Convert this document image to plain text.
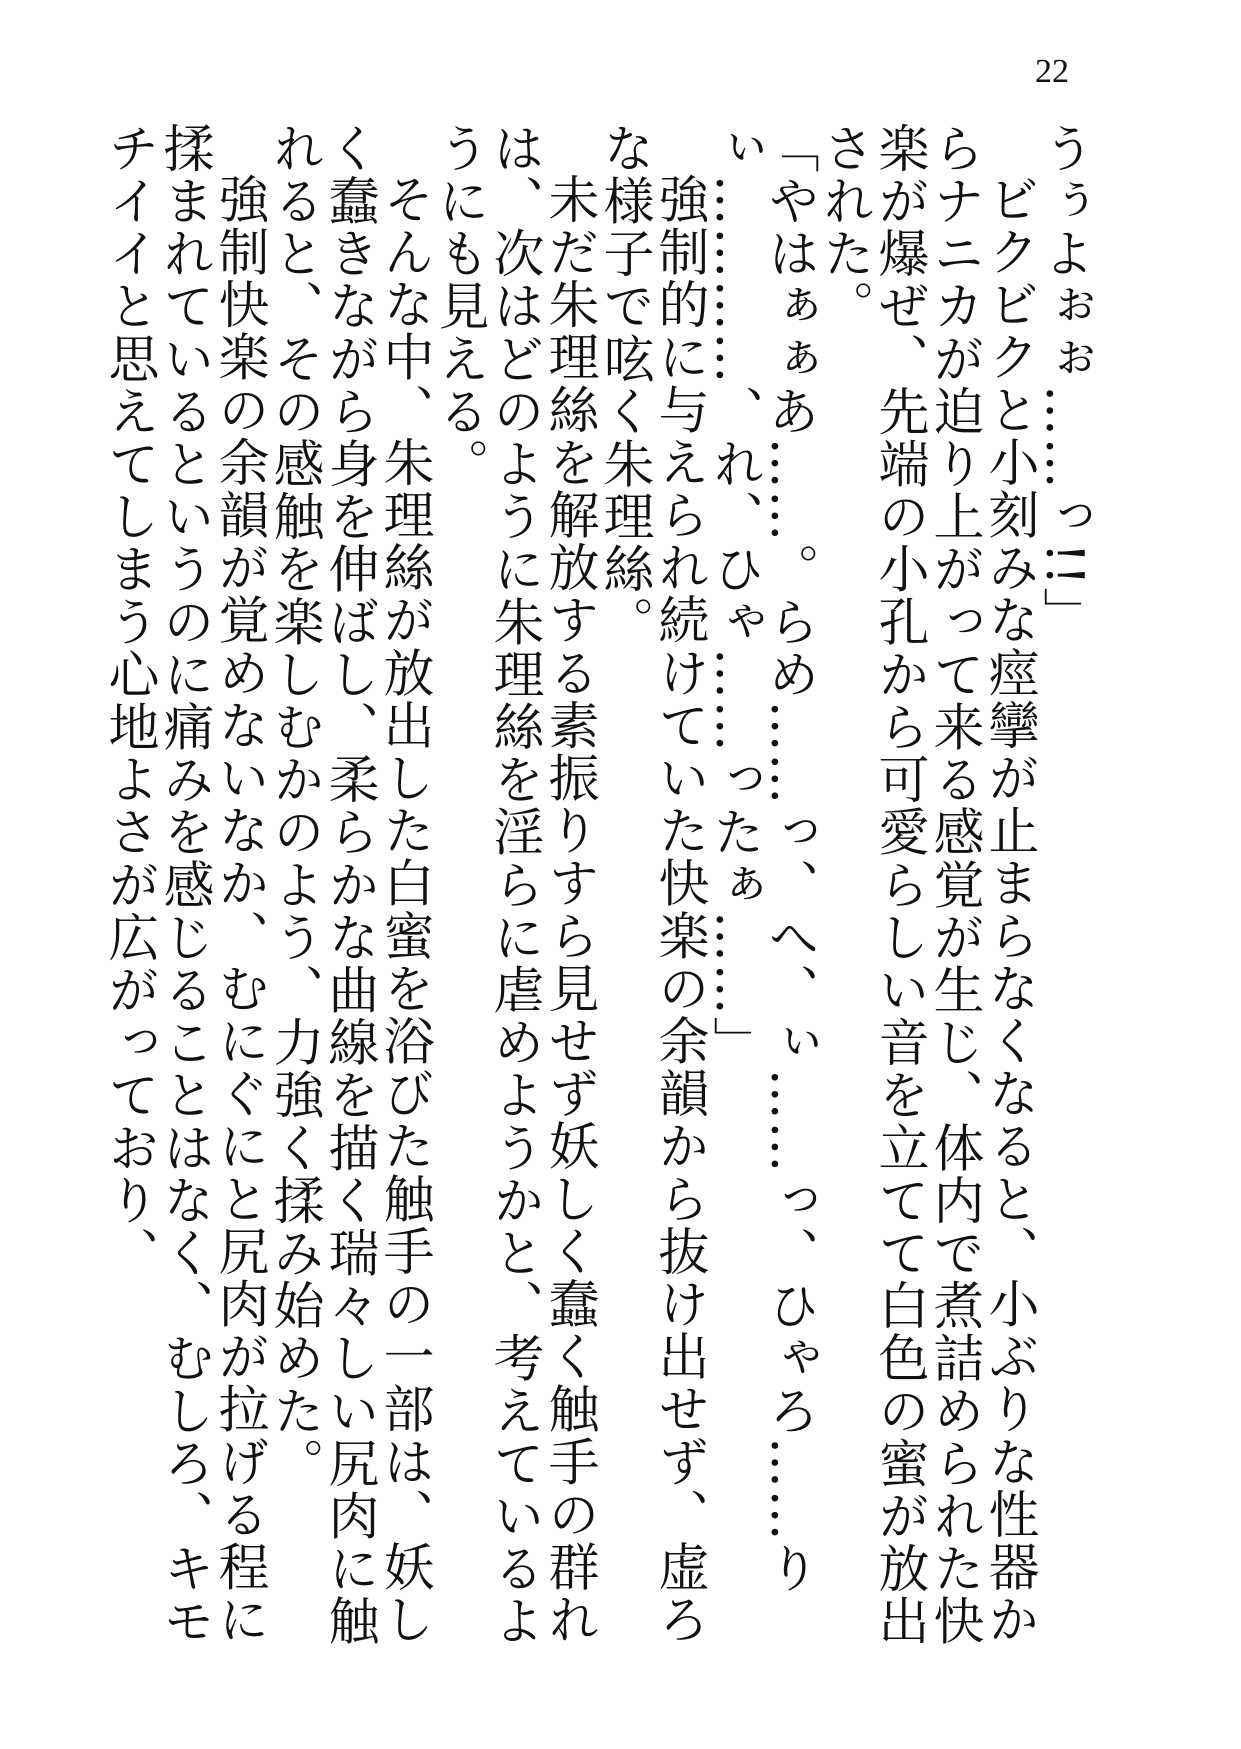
22

うぅよぉぉ……っ!!」

ビクビクと小刻みな痙攣が止まらなくなると、小ぶりな性器からナニカが迫り上がって来る感覚が生じ、体内で煮詰められた快楽が爆ぜ、先端の小孔から可愛らしい音を立てて白色の蜜が放出された。

「やはぁぁあ……。らめ……っ、へ、ぃ……っ、ひゃろ……りぃ…………、れ、ひゃ……ったぁ……」

強制的に与えられ続けていた快楽の余韻から抜け出せず、虚ろな様子で呟く朱理絲。

未だ朱理絲を解放する素振りすら見せず妖しく蠢く触手の群れは、次はどのように朱理絲を淫らに虐めようかと、考えているようにも見える。

そんな中、朱理絲が放出した白蜜を浴びた触手の一部は、妖しく蠢きながら身を伸ばし、柔らかな曲線を描く瑞々しい尻肉に触れると、その感触を楽しむかのよう、力強く揉み始めた。

強制快楽の余韻が覚めないなか、むにぐにと尻肉が拉げる程に揉まれているというのに痛みを感じることはなく、むしろ、キモチイイと思えてしまう心地よさが広がっており、
